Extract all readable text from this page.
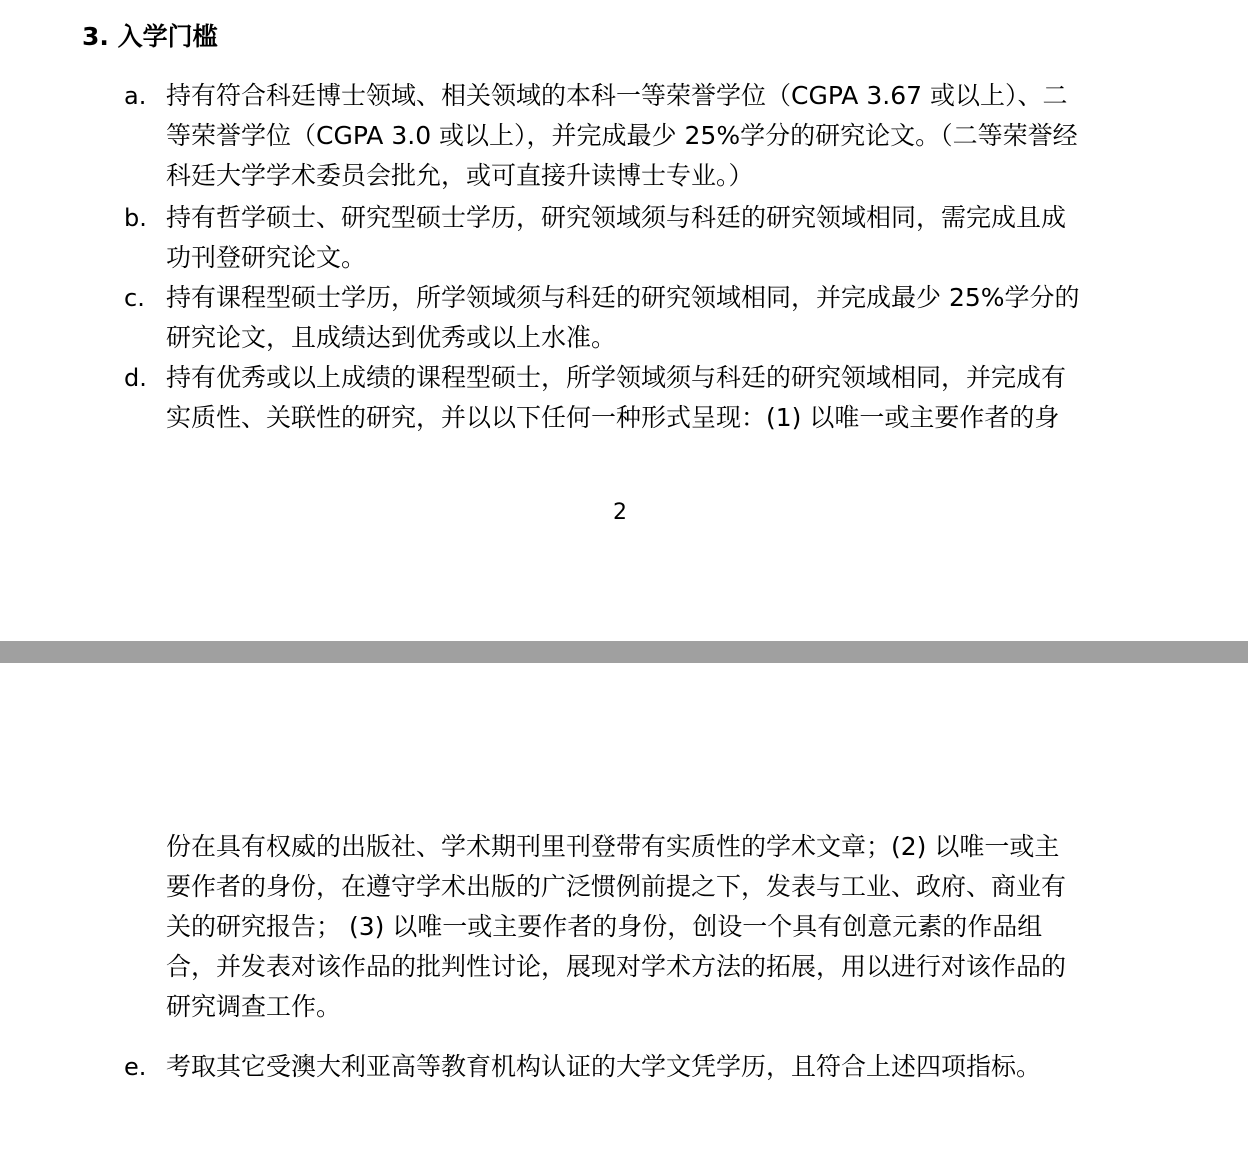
3. 入学门槛
a. 持有符合科廷博士领域、相关领域的本科一等荣誉学位（CGPA 3.67 或以上）、二
等荣誉学位（CGPA 3.0 或以上），并完成最少 25%学分的研究论文。（二等荣誉经
科廷大学学术委员会批允，或可直接升读博士专业。）
b. 持有哲学硕士、研究型硕士学历，研究领域须与科廷的研究领域相同，需完成且成
功刊登研究论文。
c. 持有课程型硕士学历，所学领域须与科廷的研究领域相同，并完成最少 25%学分的
研究论文，且成绩达到优秀或以上水准。
d. 持有优秀或以上成绩的课程型硕士，所学领域须与科廷的研究领域相同，并完成有
实质性、关联性的研究，并以以下任何一种形式呈现：(1) 以唯一或主要作者的身
2
份在具有权威的出版社、学术期刊里刊登带有实质性的学术文章；(2) 以唯一或主
要作者的身份，在遵守学术出版的广泛惯例前提之下，发表与工业、政府、商业有
关的研究报告； (3) 以唯一或主要作者的身份，创设一个具有创意元素的作品组
合，并发表对该作品的批判性讨论，展现对学术方法的拓展，用以进行对该作品的
研究调查工作。
e. 考取其它受澳大利亚高等教育机构认证的大学文凭学历，且符合上述四项指标。
